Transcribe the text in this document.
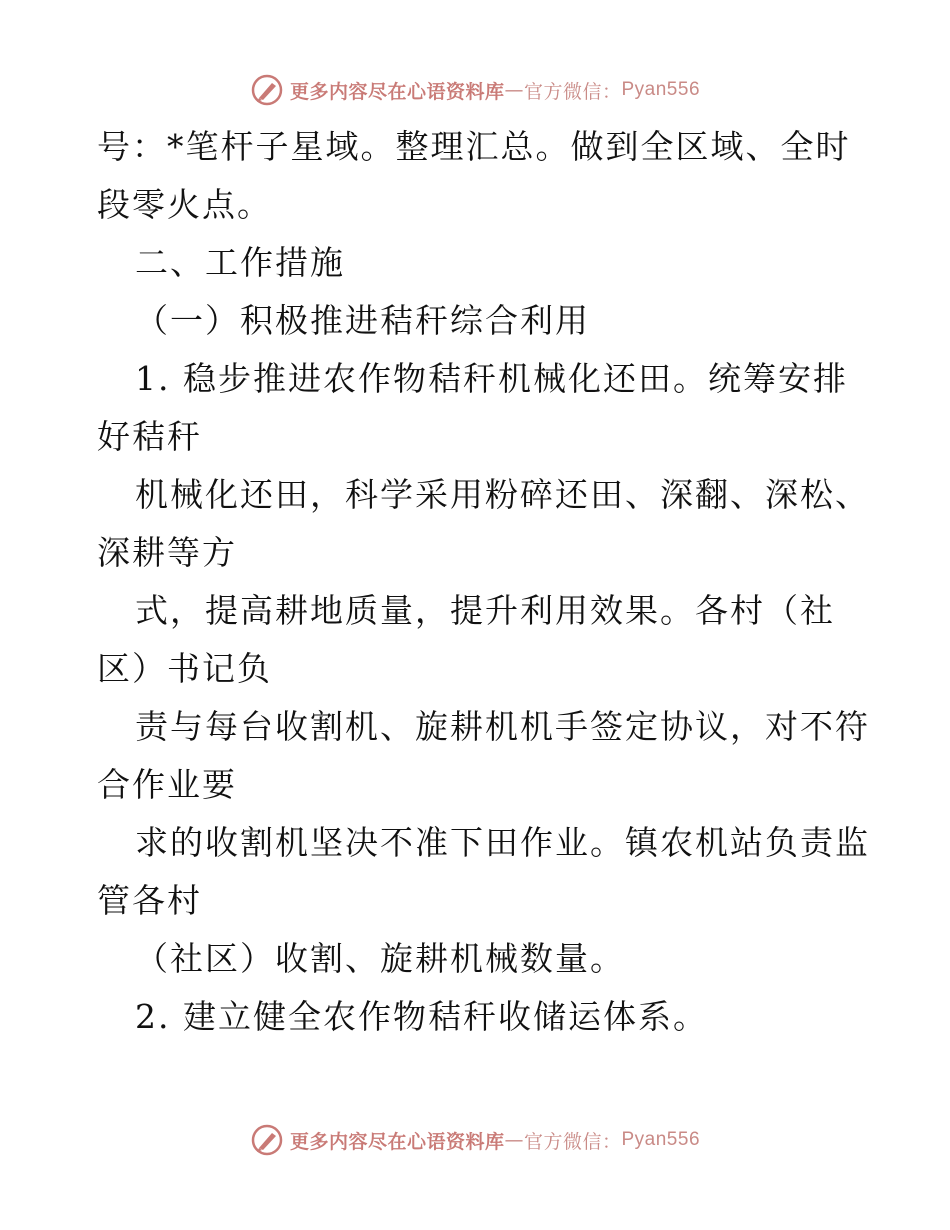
更多内容尽在心语资料库 — 官方微信： Pyan556
号：*笔杆子星域。整理汇总。做到全区域、全时
段零火点。
二、工作措施
（一）积极推进秸秆综合利用
1. 稳步推进农作物秸秆机械化还田。统筹安排
好秸秆
机械化还田，科学采用粉碎还田、深翻、深松、
深耕等方
式，提高耕地质量，提升利用效果。各村（社
区）书记负
责与每台收割机、旋耕机机手签定协议，对不符
合作业要
求的收割机坚决不准下田作业。镇农机站负责监
管各村
（社区）收割、旋耕机械数量。
2. 建立健全农作物秸秆收储运体系。
更多内容尽在心语资料库 — 官方微信： Pyan556
